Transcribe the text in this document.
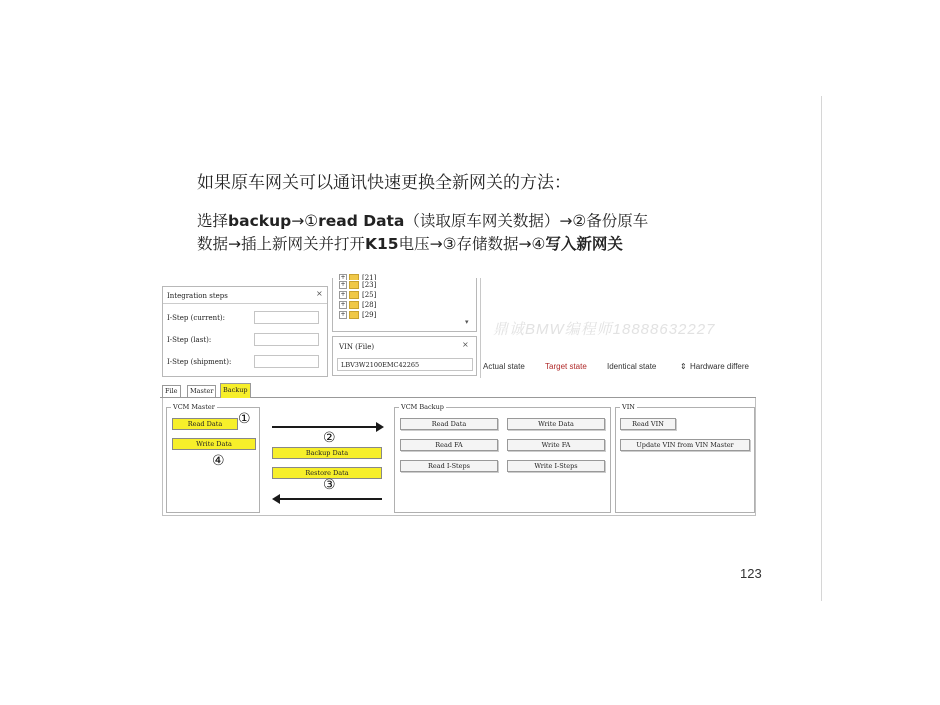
如果原车网关可以通讯快速更换全新网关的方法：
选择backup→①read Data（读取原车网关数据）→②备份原车
数据→插上新网关并打开K15电压→③存储数据→④写入新网关
Integration steps	×
I-Step (current):
I-Step (last):
I-Step (shipment):
+ [21]
+ [23]
+ [25]
+ [28]
+ [29]
▾
VIN (File)	×
LBV3W2100EMC42265
鼎诚BMW编程师18888632227
Actual state	Target state	Identical state	⇕ Hardware differe
File	Master	Backup
VCM Master
Read Data	①
Write Data
④
②
Backup Data
Restore Data
③
VCM Backup
Read Data	Write Data
Read FA	Write FA
Read I-Steps	Write I-Steps
VIN
Read VIN
Update VIN from VIN Master
123
